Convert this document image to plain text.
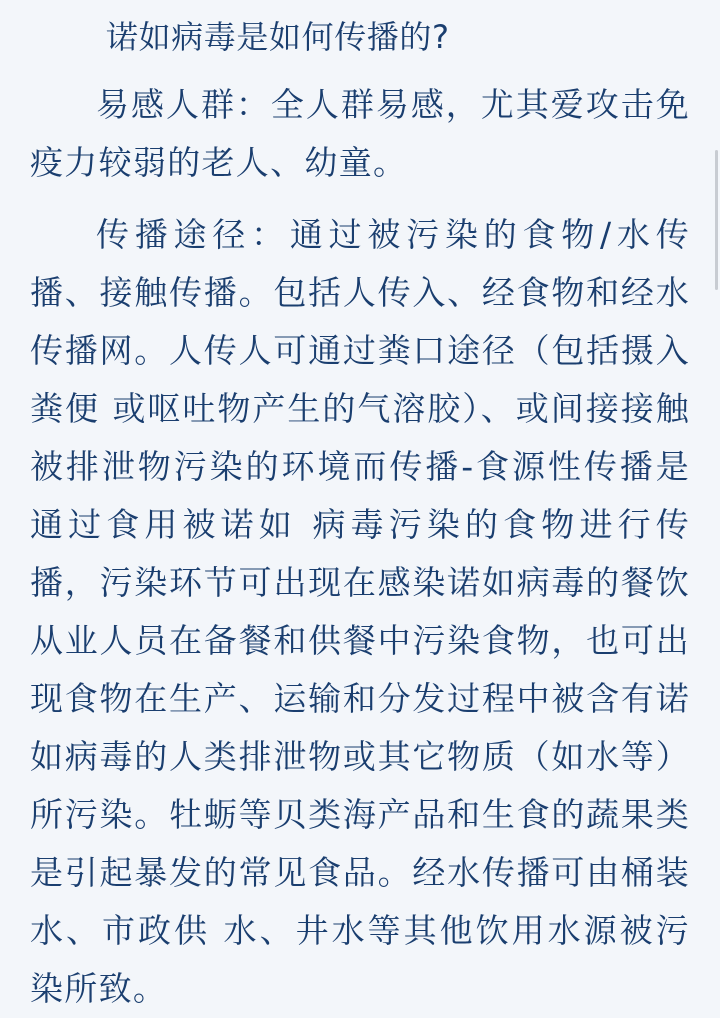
诺如病毒是如何传播的?

易感人群：全人群易感，尤其爱攻击免疫力较弱的老人、幼童。

传播途径：通过被污染的食物/水传播、接触传播。包括人传入、经食物和经水传播网。人传人可通过粪口途径（包括摄入粪便 或呕吐物产生的气溶胶）、或间接接触被排泄物污染的环境而传播-食源性传播是通过食用被诺如 病毒污染的食物进行传播，污染环节可出现在感染诺如病毒的餐饮从业人员在备餐和供餐中污染食物，也可出现食物在生产、运输和分发过程中被含有诺如病毒的人类排泄物或其它物质（如水等） 所污染。牡蛎等贝类海产品和生食的蔬果类是引起暴发的常见食品。经水传播可由桶装水、市政供 水、井水等其他饮用水源被污染所致。
